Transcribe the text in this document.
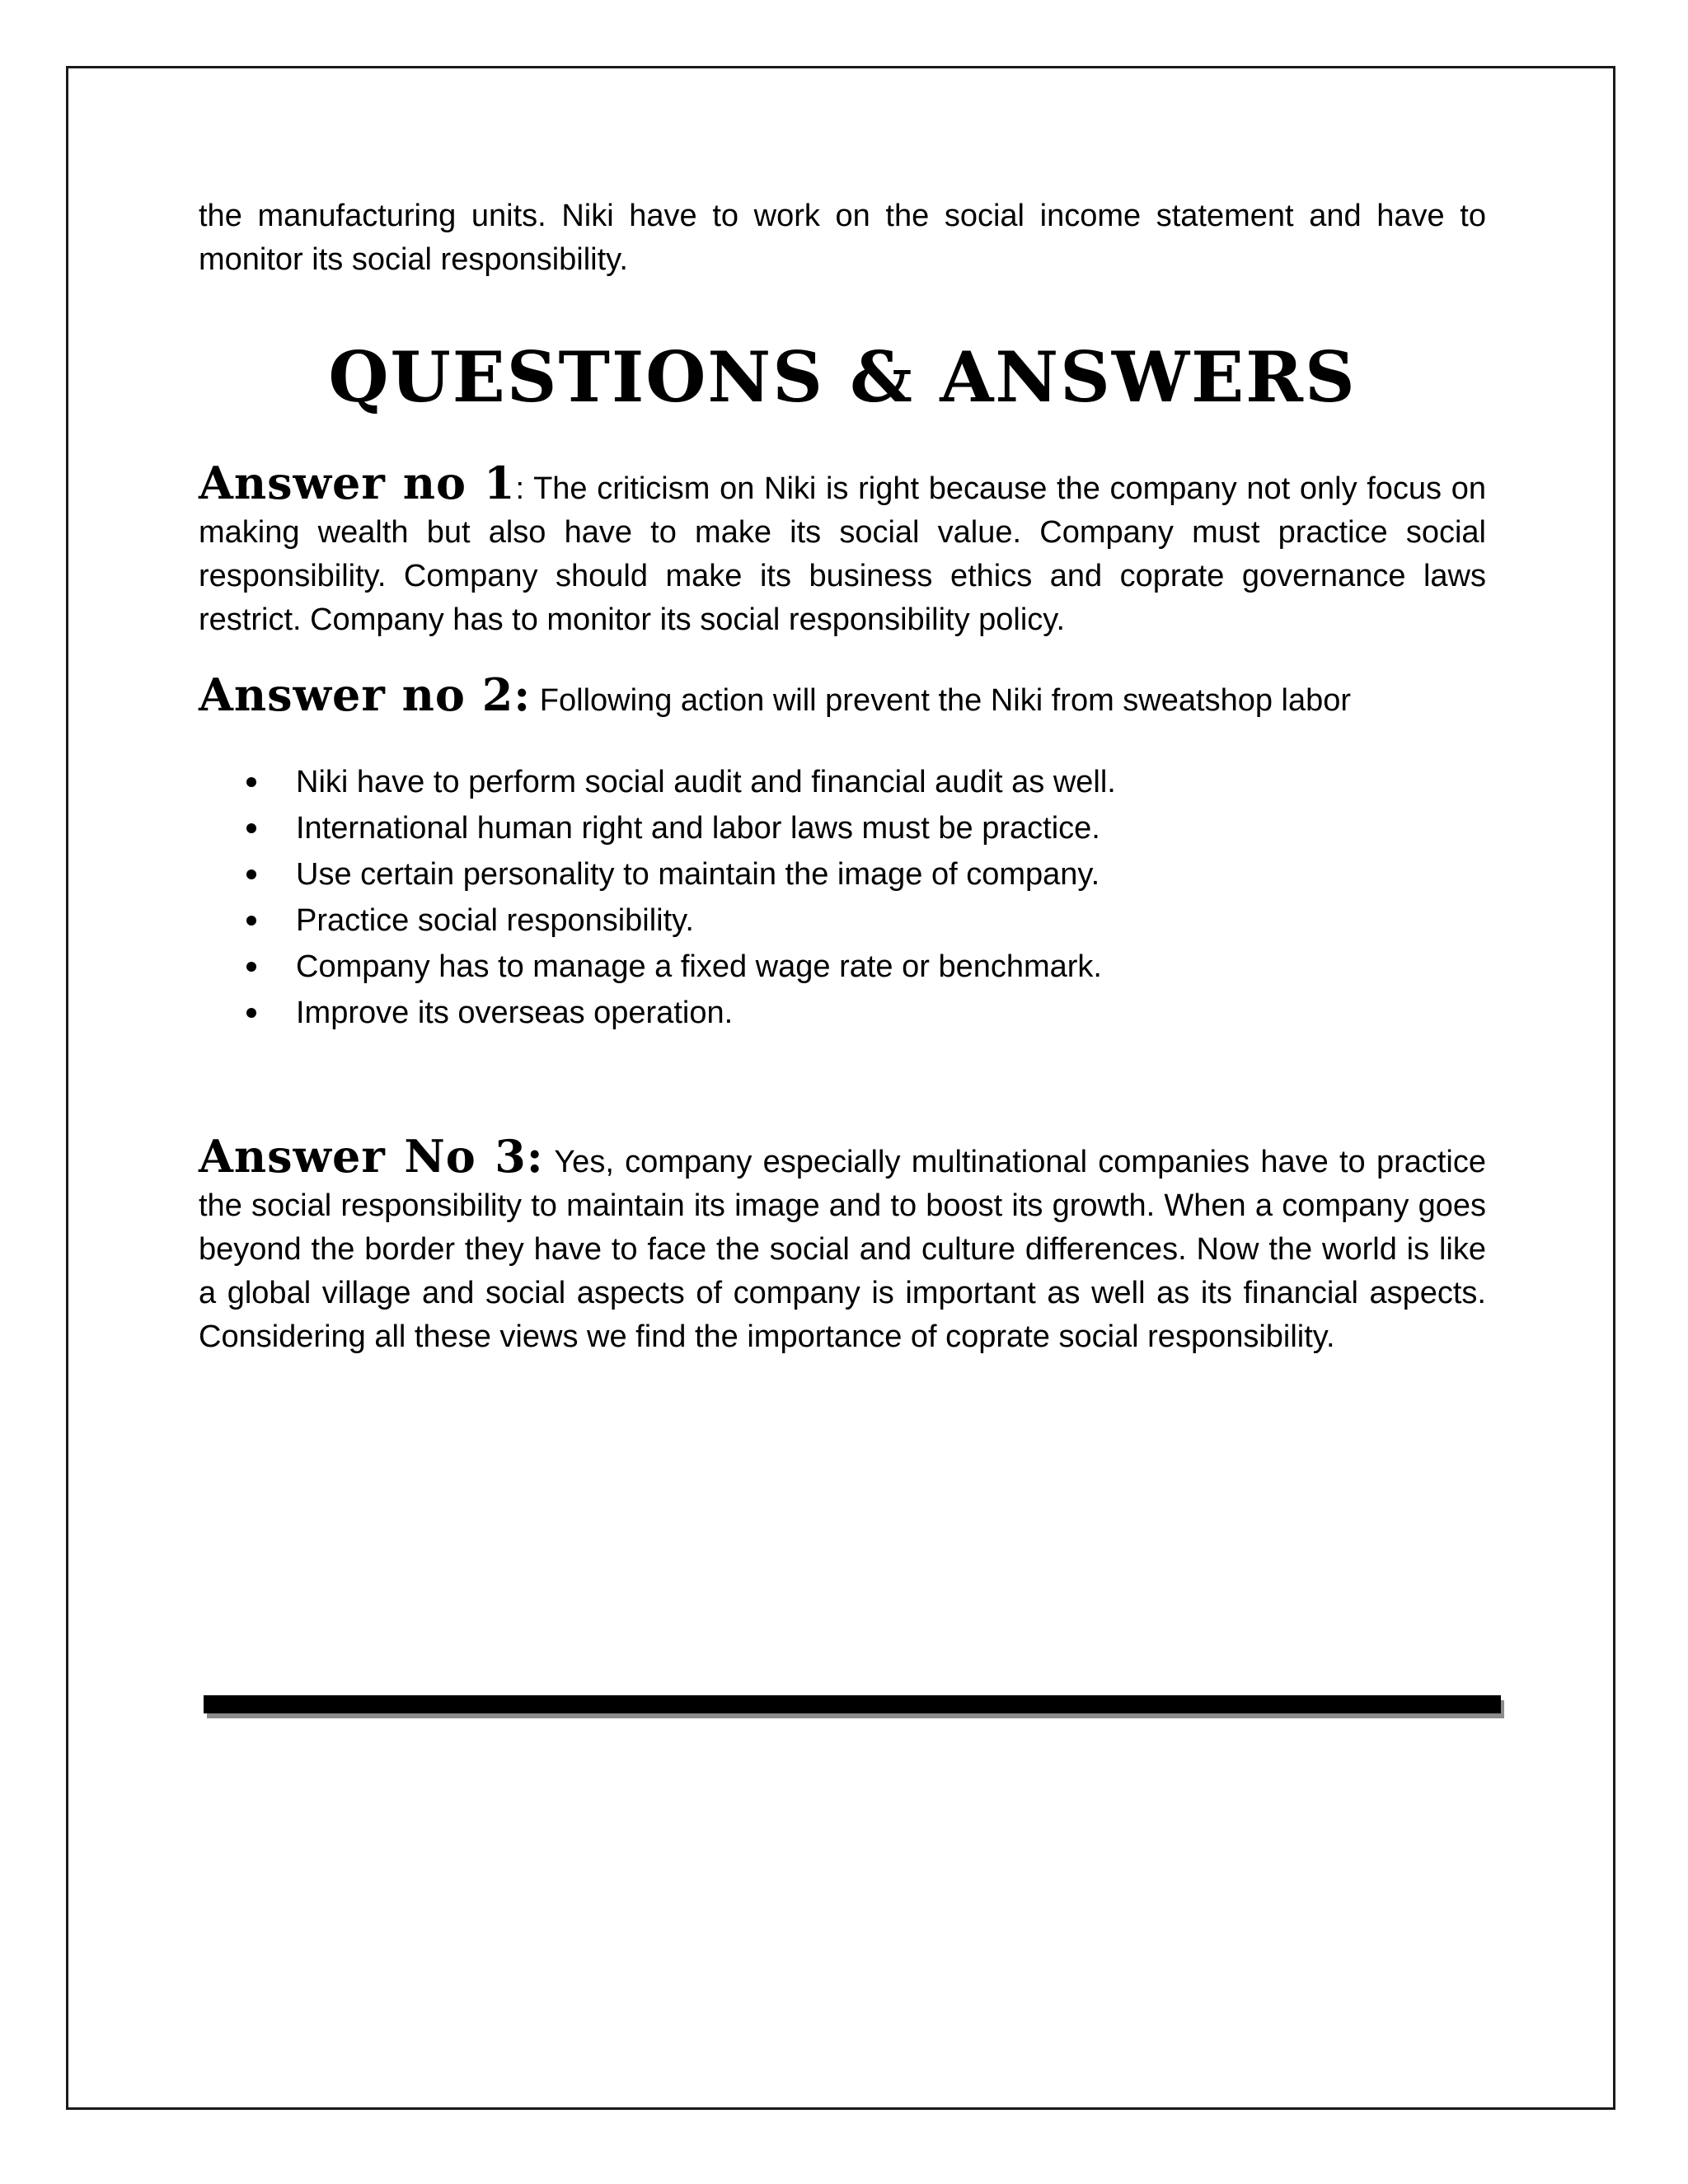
the manufacturing units. Niki have to work on the social income statement and have to monitor its social responsibility.

QUESTIONS & ANSWERS

Answer no 1: The criticism on Niki is right because the company not only focus on making wealth but also have to make its social value. Company must practice social responsibility. Company should make its business ethics and coprate governance laws restrict. Company has to monitor its social responsibility policy.

Answer no 2: Following action will prevent the Niki from sweatshop labor

Niki have to perform social audit and financial audit as well.
International human right and labor laws must be practice.
Use certain personality to maintain the image of company.
Practice social responsibility.
Company has to manage a fixed wage rate or benchmark.
Improve its overseas operation.

Answer No 3: Yes, company especially multinational companies have to practice the social responsibility to maintain its image and to boost its growth. When a company goes beyond the border they have to face the social and culture differences. Now the world is like a global village and social aspects of company is important as well as its financial aspects. Considering all these views we find the importance of coprate social responsibility.
